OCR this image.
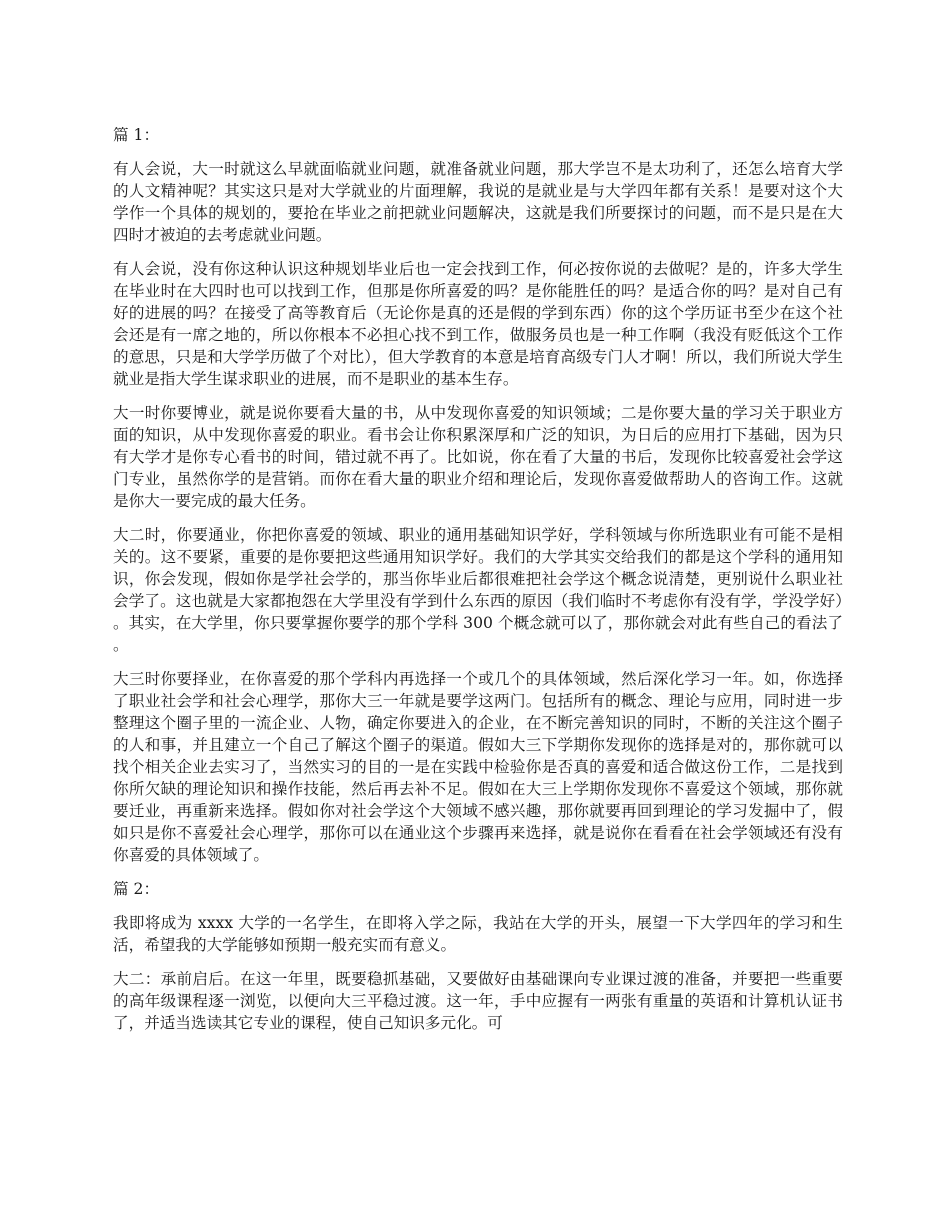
篇 1：

有人会说，大一时就这么早就面临就业问题，就准备就业问题，那大学岂不是太功利了，还怎么培育大学的人文精神呢？其实这只是对大学就业的片面理解，我说的是就业是与大学四年都有关系！是要对这个大学作一个具体的规划的，要抢在毕业之前把就业问题解决，这就是我们所要探讨的问题，而不是只是在大四时才被迫的去考虑就业问题。

有人会说，没有你这种认识这种规划毕业后也一定会找到工作，何必按你说的去做呢？是的，许多大学生在毕业时在大四时也可以找到工作，但那是你所喜爱的吗？是你能胜任的吗？是适合你的吗？是对自己有好的进展的吗？在接受了高等教育后（无论你是真的还是假的学到东西）你的这个学历证书至少在这个社会还是有一席之地的，所以你根本不必担心找不到工作，做服务员也是一种工作啊（我没有贬低这个工作的意思，只是和大学学历做了个对比），但大学教育的本意是培育高级专门人才啊！所以，我们所说大学生就业是指大学生谋求职业的进展，而不是职业的基本生存。

大一时你要博业，就是说你要看大量的书，从中发现你喜爱的知识领域；二是你要大量的学习关于职业方面的知识，从中发现你喜爱的职业。看书会让你积累深厚和广泛的知识，为日后的应用打下基础，因为只有大学才是你专心看书的时间，错过就不再了。比如说，你在看了大量的书后，发现你比较喜爱社会学这门专业，虽然你学的是营销。而你在看大量的职业介绍和理论后，发现你喜爱做帮助人的咨询工作。这就是你大一要完成的最大任务。

大二时，你要通业，你把你喜爱的领域、职业的通用基础知识学好，学科领域与你所选职业有可能不是相关的。这不要紧，重要的是你要把这些通用知识学好。我们的大学其实交给我们的都是这个学科的通用知识，你会发现，假如你是学社会学的，那当你毕业后都很难把社会学这个概念说清楚，更别说什么职业社会学了。这也就是大家都抱怨在大学里没有学到什么东西的原因（我们临时不考虑你有没有学，学没学好）。其实，在大学里，你只要掌握你要学的那个学科 300 个概念就可以了，那你就会对此有些自己的看法了。

大三时你要择业，在你喜爱的那个学科内再选择一个或几个的具体领域，然后深化学习一年。如，你选择了职业社会学和社会心理学，那你大三一年就是要学这两门。包括所有的概念、理论与应用，同时进一步整理这个圈子里的一流企业、人物，确定你要进入的企业，在不断完善知识的同时，不断的关注这个圈子的人和事，并且建立一个自己了解这个圈子的渠道。假如大三下学期你发现你的选择是对的，那你就可以找个相关企业去实习了，当然实习的目的一是在实践中检验你是否真的喜爱和适合做这份工作，二是找到你所欠缺的理论知识和操作技能，然后再去补不足。假如在大三上学期你发现你不喜爱这个领域，那你就要迁业，再重新来选择。假如你对社会学这个大领域不感兴趣，那你就要再回到理论的学习发掘中了，假如只是你不喜爱社会心理学，那你可以在通业这个步骤再来选择，就是说你在看看在社会学领域还有没有你喜爱的具体领域了。

篇 2：

我即将成为 xxxx 大学的一名学生，在即将入学之际，我站在大学的开头，展望一下大学四年的学习和生活，希望我的大学能够如预期一般充实而有意义。

大二：承前启后。在这一年里，既要稳抓基础，又要做好由基础课向专业课过渡的准备，并要把一些重要的高年级课程逐一浏览，以便向大三平稳过渡。这一年，手中应握有一两张有重量的英语和计算机认证书了，并适当选读其它专业的课程，使自己知识多元化。可
